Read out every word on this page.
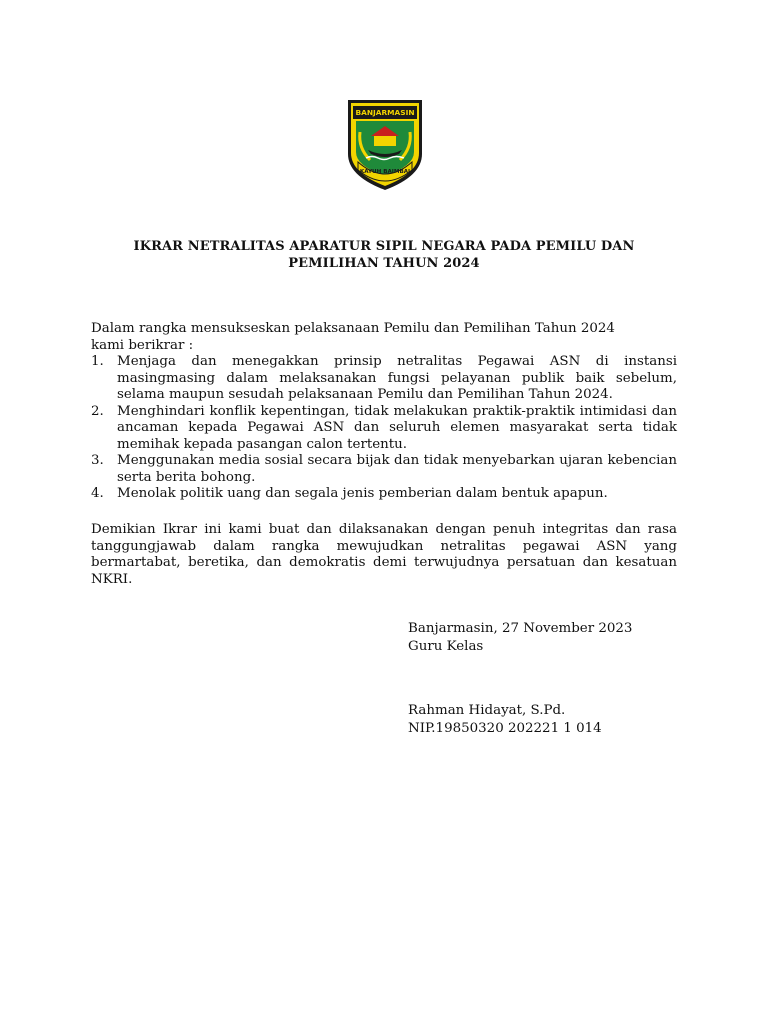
BANJARMASIN
KAYUH BAIMBAI
IKRAR NETRALITAS APARATUR SIPIL NEGARA PADA PEMILU DAN
PEMILIHAN TAHUN 2024
Dalam rangka mensukseskan pelaksanaan Pemilu dan Pemilihan Tahun 2024
kami berikrar :
1. Menjaga dan menegakkan prinsip netralitas Pegawai ASN di instansi masingmasing dalam melaksanakan fungsi pelayanan publik baik sebelum, selama maupun sesudah pelaksanaan Pemilu dan Pemilihan Tahun 2024.
2. Menghindari konflik kepentingan, tidak melakukan praktik-praktik intimidasi dan ancaman kepada Pegawai ASN dan seluruh elemen masyarakat serta tidak memihak kepada pasangan calon tertentu.
3. Menggunakan media sosial secara bijak dan tidak menyebarkan ujaran kebencian serta berita bohong.
4. Menolak politik uang dan segala jenis pemberian dalam bentuk apapun.
Demikian Ikrar ini kami buat dan dilaksanakan dengan penuh integritas dan rasa tanggungjawab dalam rangka mewujudkan netralitas pegawai ASN yang bermartabat, beretika, dan demokratis demi terwujudnya persatuan dan kesatuan NKRI.
Banjarmasin, 27 November 2023
Guru Kelas
Rahman Hidayat, S.Pd.
NIP.19850320 202221 1 014
